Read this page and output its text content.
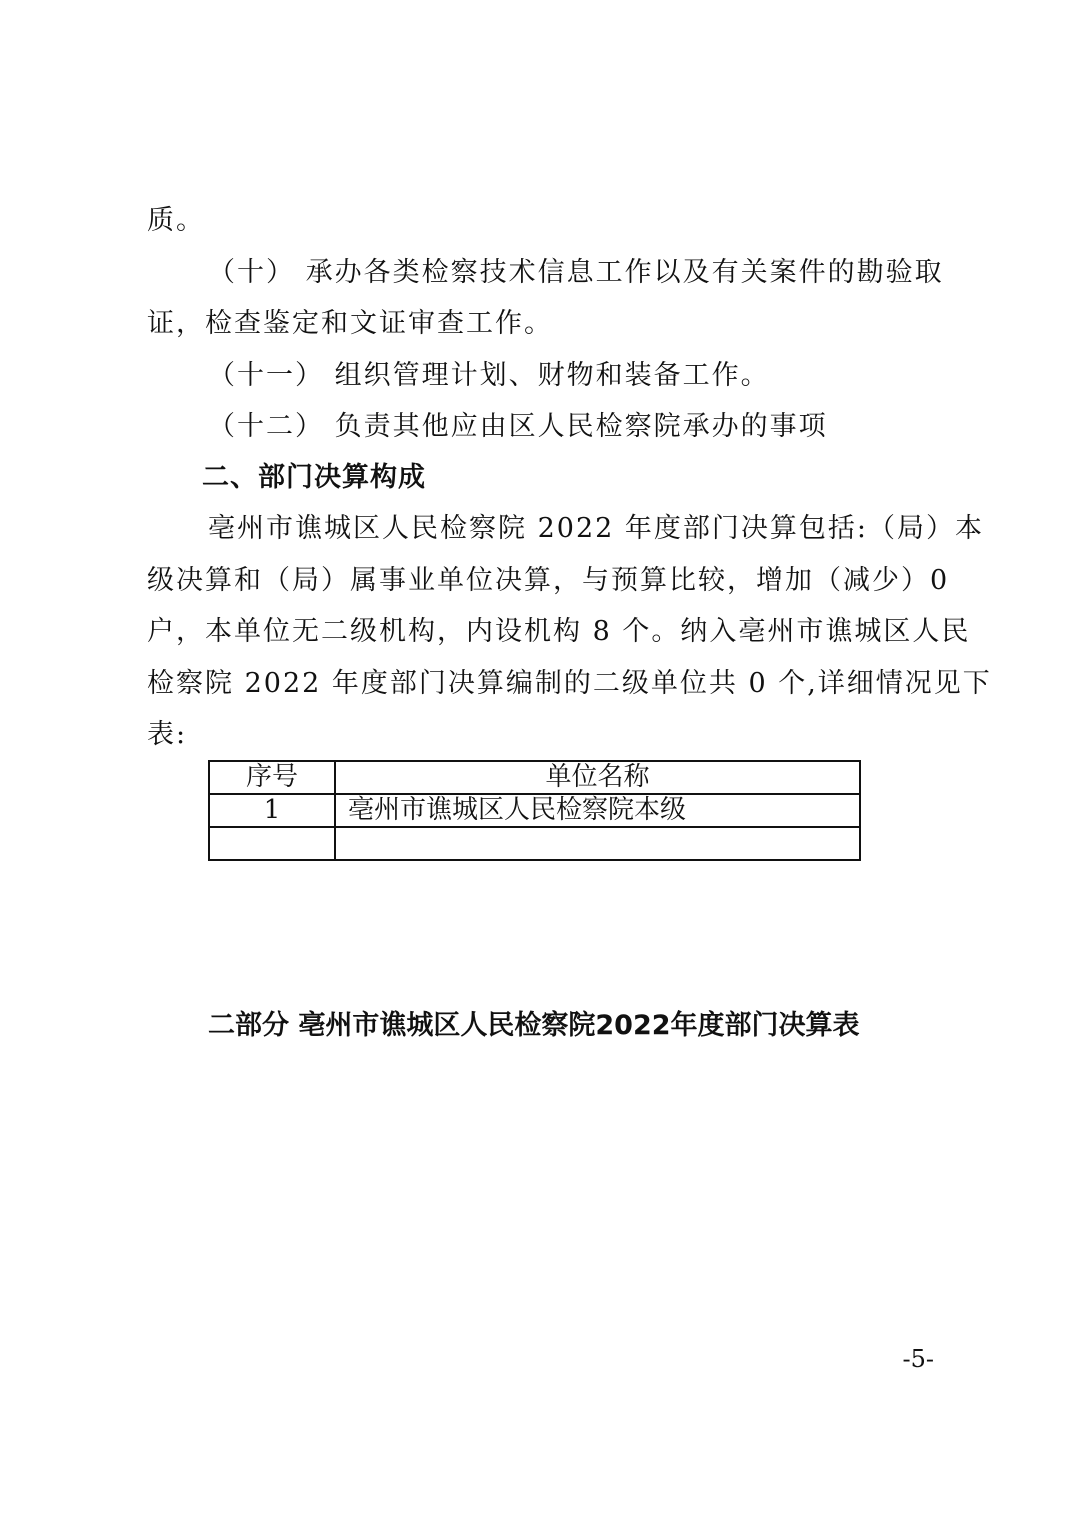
质。
（十） 承办各类检察技术信息工作以及有关案件的勘验取
证，检查鉴定和文证审查工作。
（十一） 组织管理计划、财物和装备工作。
（十二） 负责其他应由区人民检察院承办的事项
二、部门决算构成
亳州市谯城区人民检察院 2022 年度部门决算包括:（局）本
级决算和（局）属事业单位决算，与预算比较，增加（减少）0
户，本单位无二级机构，内设机构 8 个。纳入亳州市谯城区人民
检察院 2022 年度部门决算编制的二级单位共 0 个,详细情况见下
表:
序号	单位名称
1	亳州市谯城区人民检察院本级

二部分 亳州市谯城区人民检察院2022年度部门决算表
-5-
